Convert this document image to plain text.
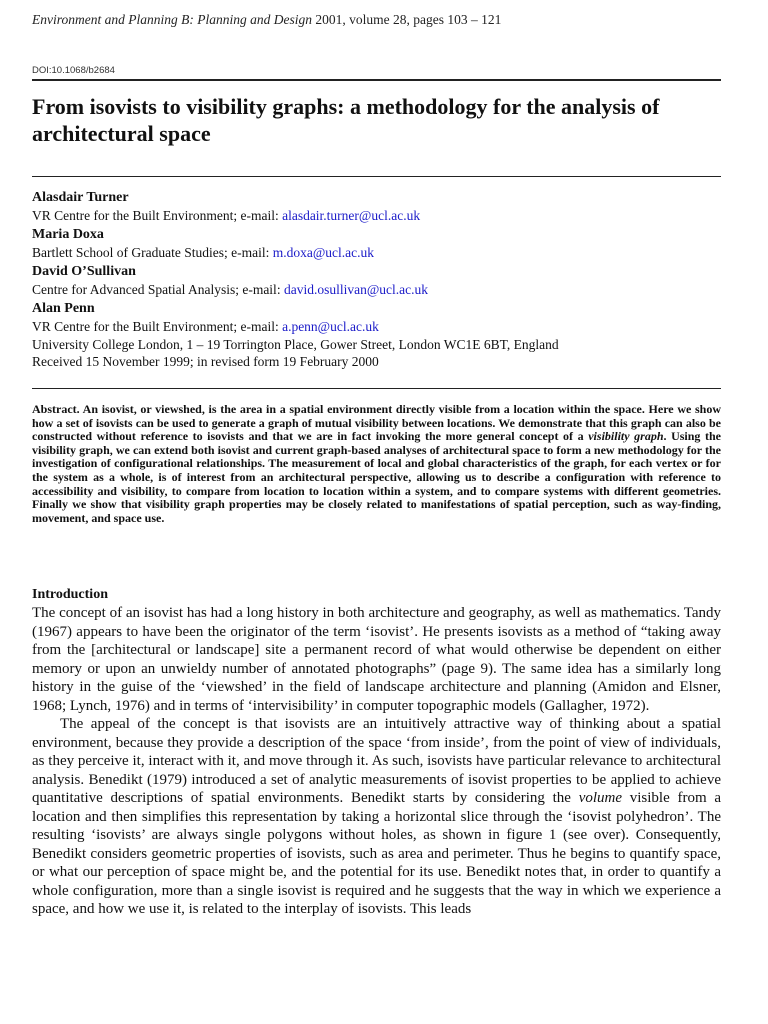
Environment and Planning B: Planning and Design 2001, volume 28, pages 103 – 121
DOI:10.1068/b2684
From isovists to visibility graphs: a methodology for the analysis of architectural space
Alasdair Turner
VR Centre for the Built Environment; e-mail: alasdair.turner@ucl.ac.uk
Maria Doxa
Bartlett School of Graduate Studies; e-mail: m.doxa@ucl.ac.uk
David O’Sullivan
Centre for Advanced Spatial Analysis; e-mail: david.osullivan@ucl.ac.uk
Alan Penn
VR Centre for the Built Environment; e-mail: a.penn@ucl.ac.uk
University College London, 1 – 19 Torrington Place, Gower Street, London WC1E 6BT, England
Received 15 November 1999; in revised form 19 February 2000

Abstract. An isovist, or viewshed, is the area in a spatial environment directly visible from a location within the space. Here we show how a set of isovists can be used to generate a graph of mutual visibility between locations. We demonstrate that this graph can also be constructed without reference to isovists and that we are in fact invoking the more general concept of a visibility graph. Using the visibility graph, we can extend both isovist and current graph-based analyses of architectural space to form a new methodology for the investigation of configurational relationships. The measurement of local and global characteristics of the graph, for each vertex or for the system as a whole, is of interest from an architectural perspective, allowing us to describe a configuration with reference to accessibility and visibility, to compare from location to location within a system, and to compare systems with different geometries. Finally we show that visibility graph properties may be closely related to manifestations of spatial perception, such as way-finding, movement, and space use.

Introduction

The concept of an isovist has had a long history in both architecture and geography, as well as mathematics. Tandy (1967) appears to have been the originator of the term ‘isovist’. He presents isovists as a method of “taking away from the [architectural or landscape] site a permanent record of what would otherwise be dependent on either memory or upon an unwieldy number of annotated photographs” (page 9). The same idea has a similarly long history in the guise of the ‘viewshed’ in the field of landscape architecture and planning (Amidon and Elsner, 1968; Lynch, 1976) and in terms of ‘intervisibility’ in computer topographic models (Gallagher, 1972).

The appeal of the concept is that isovists are an intuitively attractive way of thinking about a spatial environment, because they provide a description of the space ‘from inside’, from the point of view of individuals, as they perceive it, interact with it, and move through it. As such, isovists have particular relevance to architectural analysis. Benedikt (1979) introduced a set of analytic measurements of isovist properties to be applied to achieve quantitative descriptions of spatial environments. Benedikt starts by considering the volume visible from a location and then simplifies this representation by taking a horizontal slice through the ‘isovist polyhedron’. The resulting ‘isovists’ are always single polygons without holes, as shown in figure 1 (see over). Consequently, Benedikt considers geometric properties of isovists, such as area and perimeter. Thus he begins to quantify space, or what our perception of space might be, and the potential for its use. Benedikt notes that, in order to quantify a whole configuration, more than a single isovist is required and he suggests that the way in which we experience a space, and how we use it, is related to the interplay of isovists. This leads
